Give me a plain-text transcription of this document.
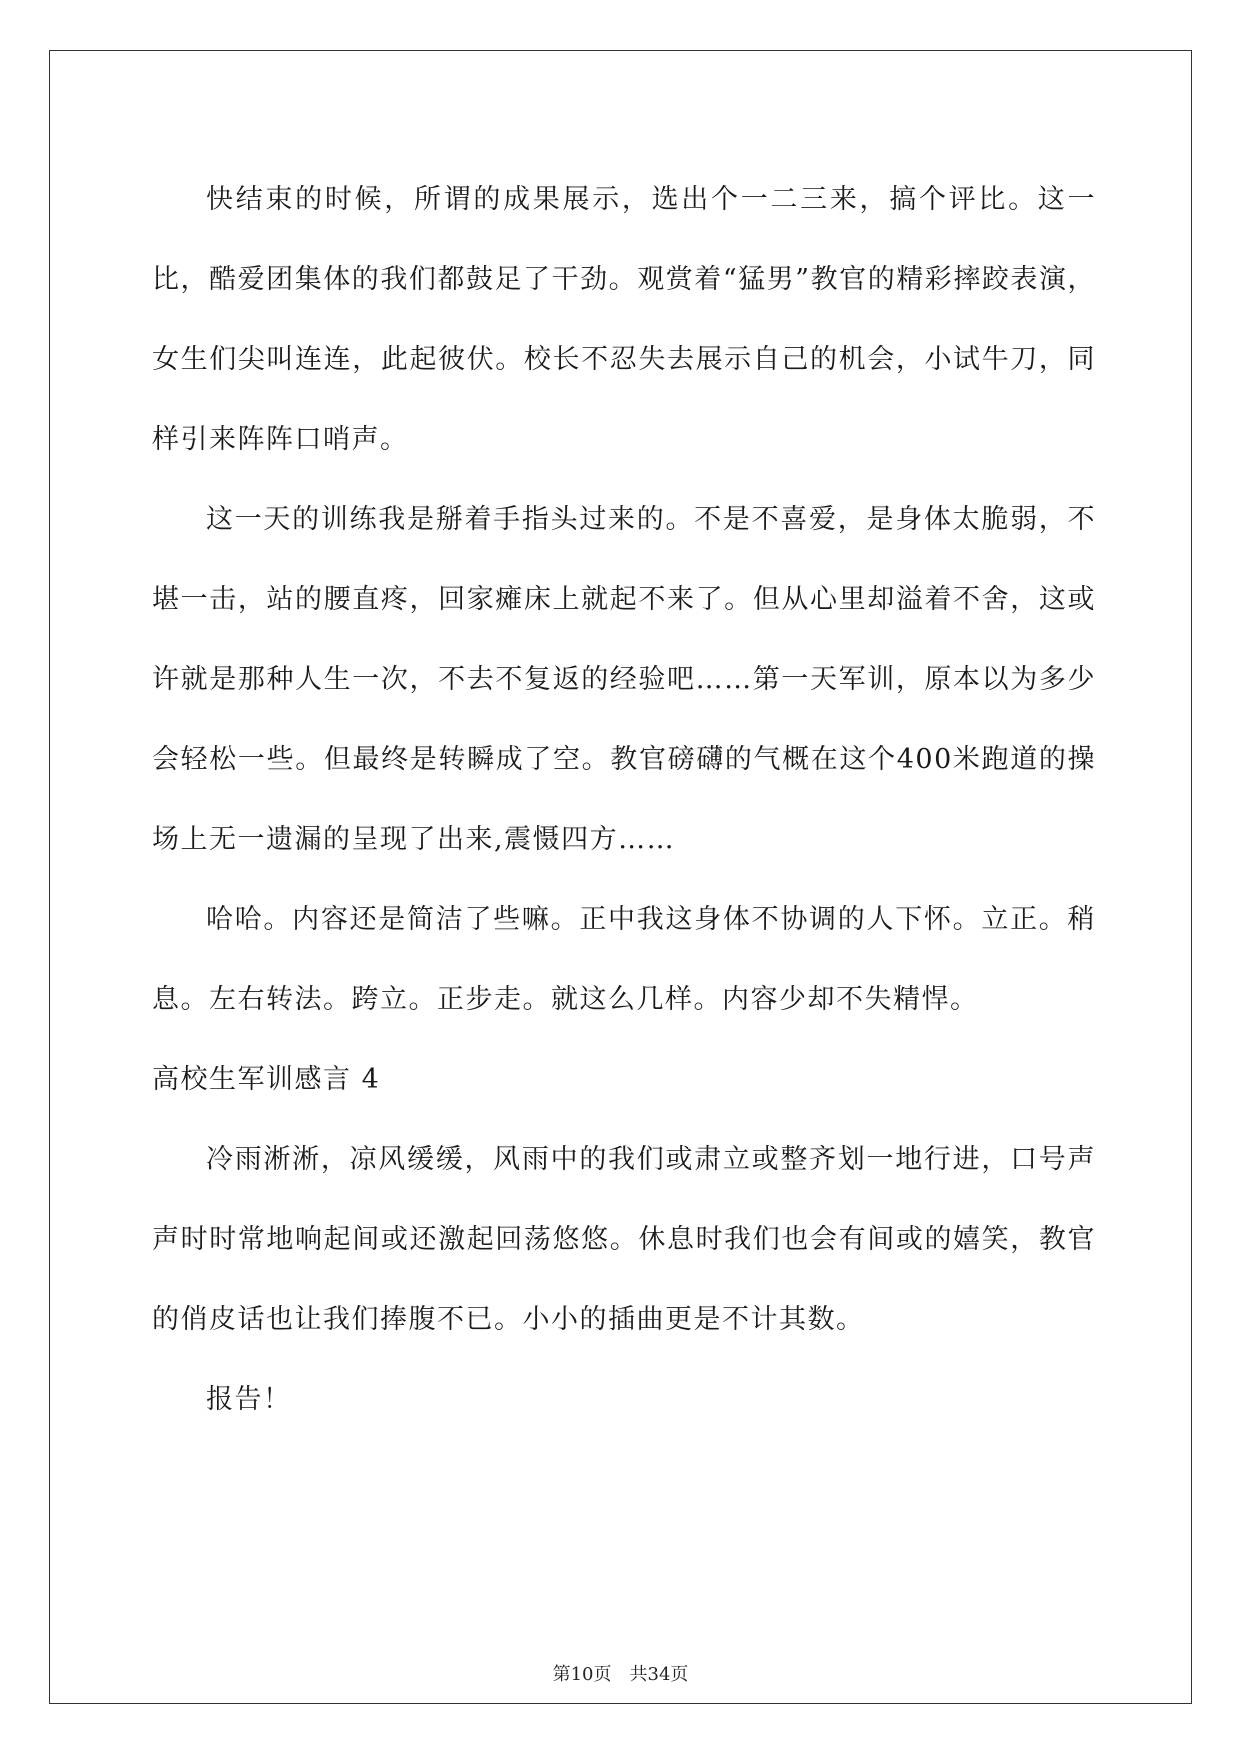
快结束的时候，所谓的成果展示，选出个一二三来，搞个评比。这一比，酷爱团集体的我们都鼓足了干劲。观赏着“猛男”教官的精彩摔跤表演，女生们尖叫连连，此起彼伏。校长不忍失去展示自己的机会，小试牛刀，同样引来阵阵口哨声。

这一天的训练我是掰着手指头过来的。不是不喜爱，是身体太脆弱，不堪一击，站的腰直疼，回家瘫床上就起不来了。但从心里却溢着不舍，这或许就是那种人生一次，不去不复返的经验吧……第一天军训，原本以为多少会轻松一些。但最终是转瞬成了空。教官磅礴的气概在这个400米跑道的操场上无一遗漏的呈现了出来,震慑四方……

哈哈。内容还是简洁了些嘛。正中我这身体不协调的人下怀。立正。稍息。左右转法。跨立。正步走。就这么几样。内容少却不失精悍。

高校生军训感言 4

冷雨淅淅，凉风缓缓，风雨中的我们或肃立或整齐划一地行进，口号声声时时常地响起间或还激起回荡悠悠。休息时我们也会有间或的嬉笑，教官的俏皮话也让我们捧腹不已。小小的插曲更是不计其数。

报告！

第10页 共34页
